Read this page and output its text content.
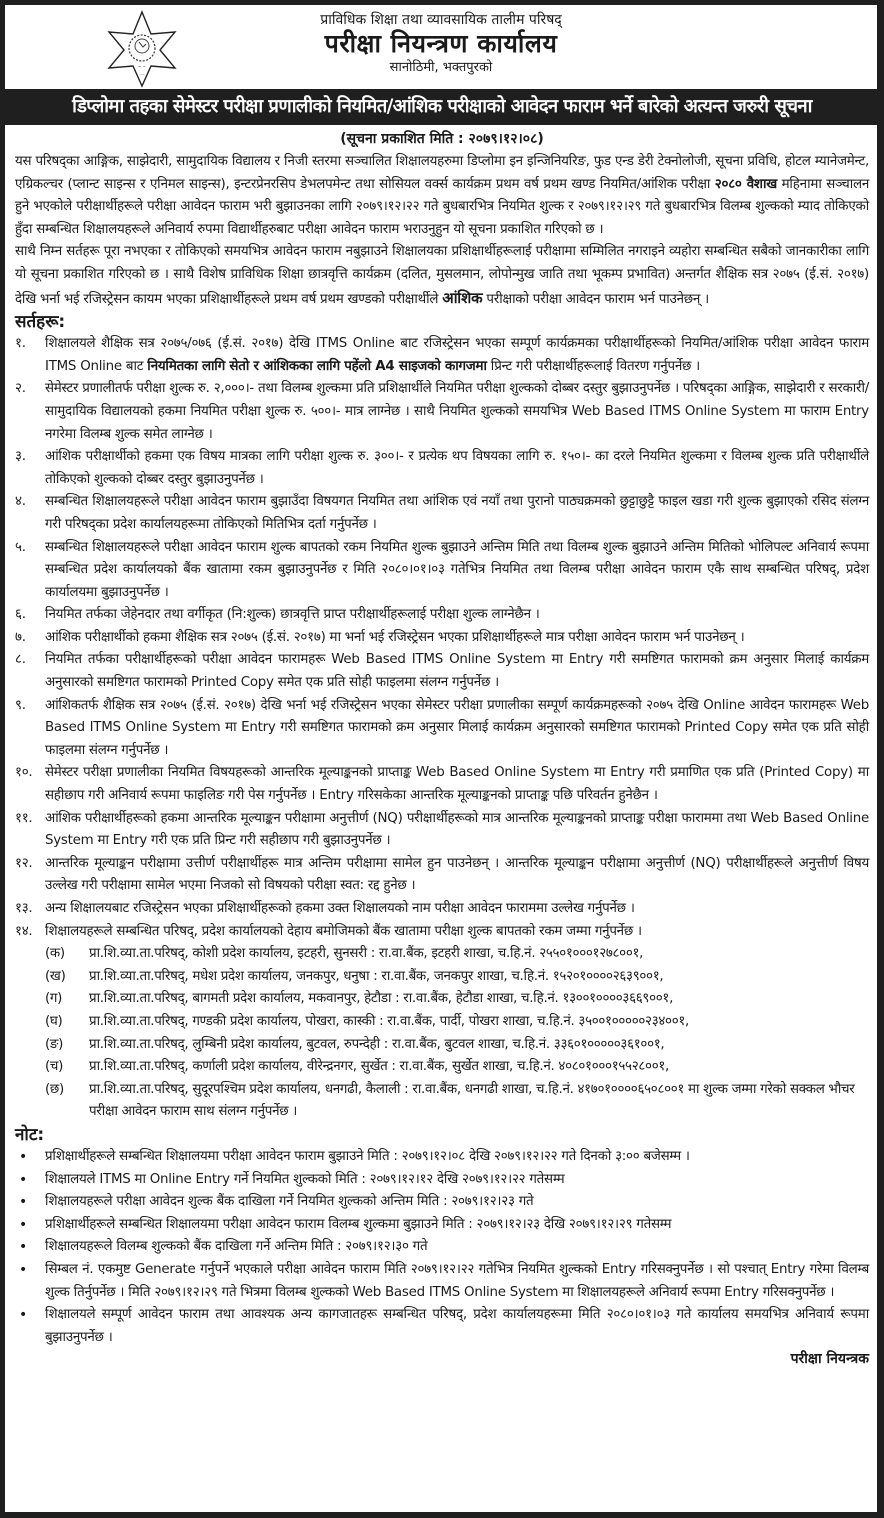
~ ~
~~
प्राविधिक शिक्षा तथा व्यावसायिक तालीम परिषद्
परीक्षा नियन्त्रण कार्यालय
सानोठिमी, भक्तपुरको
डिप्लोमा तहका सेमेस्टर परीक्षा प्रणालीको नियमित/आंशिक परीक्षाको आवेदन फाराम भर्ने बारेको अत्यन्त जरुरी सूचना
(सूचना प्रकाशित मिति : २०७९।१२।०८)

यस परिषद्का आङ्गिक, साझेदारी, सामुदायिक विद्यालय र निजी स्तरमा सञ्चालित शिक्षालयहरुमा डिप्लोमा इन इन्जिनियरिङ, फुड एन्ड डेरी टेक्नोलोजी, सूचना प्रविधि, होटल म्यानेजमेन्ट, एग्रिकल्चर (प्लान्ट साइन्स र एनिमल साइन्स), इन्टरप्रेनरसिप डेभलपमेन्ट तथा सोसियल वर्क्स कार्यक्रम प्रथम वर्ष प्रथम खण्ड नियमित/आंशिक परीक्षा २०८० वैशाख महिनामा सञ्चालन हुने भएकोले परीक्षार्थीहरूले परीक्षा आवेदन फाराम भरी बुझाउनका लागि २०७९।१२।२२ गते बुधबारभित्र नियमित शुल्क र २०७९।१२।२९ गते बुधबारभित्र विलम्ब शुल्कको म्याद तोकिएको हुँदा सम्बन्धित शिक्षालयहरूले अनिवार्य रुपमा विद्यार्थीहरुबाट परीक्षा आवेदन फाराम भराउनुहुन यो सूचना प्रकाशित गरिएको छ ।

साथै निम्न सर्तहरू पूरा नभएका र तोकिएको समयभित्र आवेदन फाराम नबुझाउने शिक्षालयका प्रशिक्षार्थीहरूलाई परीक्षामा सम्मिलित नगराइने व्यहोरा सम्बन्धित सबैको जानकारीका लागि यो सूचना प्रकाशित गरिएको छ । साथै विशेष प्राविधिक शिक्षा छात्रवृत्ति कार्यक्रम (दलित, मुसलमान, लोपोन्मुख जाति तथा भूकम्प प्रभावित) अन्तर्गत शैक्षिक सत्र २०७५ (ई.सं. २०१७) देखि भर्ना भई रजिस्ट्रेसन कायम भएका प्रशिक्षार्थीहरूले प्रथम वर्ष प्रथम खण्डको परीक्षार्थीले आंशिक परीक्षाको परीक्षा आवेदन फाराम भर्न पाउनेछन् ।

सर्तहरू:
१. शिक्षालयले शैक्षिक सत्र २०७५/०७६ (ई.सं. २०१७) देखि ITMS Online बाट रजिस्ट्रेसन भएका सम्पूर्ण कार्यक्रमका परीक्षार्थीहरूको नियमित/आंशिक परीक्षा आवेदन फाराम ITMS Online बाट नियमितका लागि सेतो र आंशिकका लागि पहेंलो A4 साइजको कागजमा प्रिन्ट गरी परीक्षार्थीहरूलाई वितरण गर्नुपर्नेछ ।
२. सेमेस्टर प्रणालीतर्फ परीक्षा शुल्क रु. २,०००।- तथा विलम्ब शुल्कमा प्रति प्रशिक्षार्थीले नियमित परीक्षा शुल्कको दोब्बर दस्तुर बुझाउनुपर्नेछ । परिषद्का आङ्गिक, साझेदारी र सरकारी/सामुदायिक विद्यालयको हकमा नियमित परीक्षा शुल्क रु. ५००।- मात्र लाग्नेछ । साथै नियमित शुल्कको समयभित्र Web Based ITMS Online System मा फाराम Entry नगरेमा विलम्ब शुल्क समेत लाग्नेछ ।
३. आंशिक परीक्षार्थीको हकमा एक विषय मात्रका लागि परीक्षा शुल्क रु. ३००।- र प्रत्येक थप विषयका लागि रु. १५०।- का दरले नियमित शुल्कमा र विलम्ब शुल्क प्रति परीक्षार्थीले तोकिएको शुल्कको दोब्बर दस्तुर बुझाउनुपर्नेछ ।
४. सम्बन्धित शिक्षालयहरूले परीक्षा आवेदन फाराम बुझाउँदा विषयगत नियमित तथा आंशिक एवं नयाँ तथा पुरानो पाठ्यक्रमको छुट्टाछुट्टै फाइल खडा गरी शुल्क बुझाएको रसिद संलग्न गरी परिषद्का प्रदेश कार्यालयहरूमा तोकिएको मितिभित्र दर्ता गर्नुपर्नेछ ।
५. सम्बन्धित शिक्षालयहरूले परीक्षा आवेदन फाराम शुल्क बापतको रकम नियमित शुल्क बुझाउने अन्तिम मिति तथा विलम्ब शुल्क बुझाउने अन्तिम मितिको भोलिपल्ट अनिवार्य रूपमा सम्बन्धित प्रदेश कार्यालयको बैंक खातामा रकम बुझाउनुपर्नेछ र मिति २०८०।०१।०३ गतेभित्र नियमित तथा विलम्ब परीक्षा आवेदन फाराम एकै साथ सम्बन्धित परिषद्, प्रदेश कार्यालयमा बुझाउनुपर्नेछ ।
६. नियमित तर्फका जेहेनदार तथा वर्गीकृत (नि:शुल्क) छात्रवृत्ति प्राप्त परीक्षार्थीहरूलाई परीक्षा शुल्क लाग्नेछैन ।
७. आंशिक परीक्षार्थीको हकमा शैक्षिक सत्र २०७५ (ई.सं. २०१७) मा भर्ना भई रजिस्ट्रेसन भएका प्रशिक्षार्थीहरूले मात्र परीक्षा आवेदन फाराम भर्न पाउनेछन् ।
८. नियमित तर्फका परीक्षार्थीहरूको परीक्षा आवेदन फारामहरू Web Based ITMS Online System मा Entry गरी समष्टिगत फारामको क्रम अनुसार मिलाई कार्यक्रम अनुसारको समष्टिगत फारामको Printed Copy समेत एक प्रति सोही फाइलमा संलग्न गर्नुपर्नेछ ।
९. आंशिकतर्फ शैक्षिक सत्र २०७५ (ई.सं. २०१७) देखि भर्ना भई रजिस्ट्रेसन भएका सेमेस्टर परीक्षा प्रणालीका सम्पूर्ण कार्यक्रमहरूको २०७५ देखि Online आवेदन फारामहरू Web Based ITMS Online System मा Entry गरी समष्टिगत फारामको क्रम अनुसार मिलाई कार्यक्रम अनुसारको समष्टिगत फारामको Printed Copy समेत एक प्रति सोही फाइलमा संलग्न गर्नुपर्नेछ ।
१०. सेमेस्टर परीक्षा प्रणालीका नियमित विषयहरूको आन्तरिक मूल्याङ्कनको प्राप्ताङ्क Web Based Online System मा Entry गरी प्रमाणित एक प्रति (Printed Copy) मा सहीछाप गरी अनिवार्य रूपमा फाइलिङ गरी पेस गर्नुपर्नेछ । Entry गरिसकेका आन्तरिक मूल्याङ्कनको प्राप्ताङ्क पछि परिवर्तन हुनेछैन ।
११. आंशिक परीक्षार्थीहरूको हकमा आन्तरिक मूल्याङ्कन परीक्षामा अनुत्तीर्ण (NQ) परीक्षार्थीहरूको मात्र आन्तरिक मूल्याङ्कनको प्राप्ताङ्क परीक्षा फाराममा तथा Web Based Online System मा Entry गरी एक प्रति प्रिन्ट गरी सहीछाप गरी बुझाउनुपर्नेछ ।
१२. आन्तरिक मूल्याङ्कन परीक्षामा उत्तीर्ण परीक्षार्थीहरू मात्र अन्तिम परीक्षामा सामेल हुन पाउनेछन् । आन्तरिक मूल्याङ्कन परीक्षामा अनुत्तीर्ण (NQ) परीक्षार्थीहरूले अनुत्तीर्ण विषय उल्लेख गरी परीक्षामा सामेल भएमा निजको सो विषयको परीक्षा स्वत: रद्द हुनेछ ।
१३. अन्य शिक्षालयबाट रजिस्ट्रेसन भएका प्रशिक्षार्थीहरूको हकमा उक्त शिक्षालयको नाम परीक्षा आवेदन फाराममा उल्लेख गर्नुपर्नेछ ।
१४. शिक्षालयहरूले सम्बन्धित परिषद्, प्रदेश कार्यालयको देहाय बमोजिमको बैंक खातामा परीक्षा शुल्क बापतको रकम जम्मा गर्नुपर्नेछ ।
(क) प्रा.शि.व्या.ता.परिषद्, कोशी प्रदेश कार्यालय, इटहरी, सुनसरी : रा.वा.बैंक, इटहरी शाखा, च.हि.नं. २५५०१०००१२७८००१,
(ख) प्रा.शि.व्या.ता.परिषद्, मधेश प्रदेश कार्यालय, जनकपुर, धनुषा : रा.वा.बैंक, जनकपुर शाखा, च.हि.नं. १५२०१००००२६३९००१,
(ग) प्रा.शि.व्या.ता.परिषद्, बागमती प्रदेश कार्यालय, मकवानपुर, हेटौडा : रा.वा.बैंक, हेटौडा शाखा, च.हि.नं. १३००१००००३६६९००१,
(घ) प्रा.शि.व्या.ता.परिषद्, गण्डकी प्रदेश कार्यालय, पोखरा, कास्की : रा.वा.बैंक, पार्दी, पोखरा शाखा, च.हि.नं. ३५००१०००००२३४००१,
(ङ) प्रा.शि.व्या.ता.परिषद्, लुम्बिनी प्रदेश कार्यालय, बुटवल, रुपन्देही : रा.वा.बैंक, बुटवल शाखा, च.हि.नं. ३३६०१०००००३६१००१,
(च) प्रा.शि.व्या.ता.परिषद्, कर्णाली प्रदेश कार्यालय, वीरेन्द्रनगर, सुर्खेत : रा.वा.बैंक, सुर्खेत शाखा, च.हि.नं. ४०८०१०००१५५२८००१,
(छ) प्रा.शि.व्या.ता.परिषद्, सुदूरपश्चिम प्रदेश कार्यालय, धनगढी, कैलाली : रा.वा.बैंक, धनगढी शाखा, च.हि.नं. ४१७०१००००६५०८००१ मा शुल्क जम्मा गरेको सक्कल भौचर परीक्षा आवेदन फाराम साथ संलग्न गर्नुपर्नेछ ।
नोट:
• प्रशिक्षार्थीहरूले सम्बन्धित शिक्षालयमा परीक्षा आवेदन फाराम बुझाउने मिति : २०७९।१२।०८ देखि २०७९।१२।२२ गते दिनको ३:०० बजेसम्म ।
• शिक्षालयले ITMS मा Online Entry गर्ने नियमित शुल्कको मिति : २०७९।१२।१२ देखि २०७९।१२।२२ गतेसम्म
• शिक्षालयहरूले परीक्षा आवेदन शुल्क बैंक दाखिला गर्ने नियमित शुल्कको अन्तिम मिति : २०७९।१२।२३ गते
• प्रशिक्षार्थीहरूले सम्बन्धित शिक्षालयमा परीक्षा आवेदन फाराम विलम्ब शुल्कमा बुझाउने मिति : २०७९।१२।२३ देखि २०७९।१२।२९ गतेसम्म
• शिक्षालयहरूले विलम्ब शुल्कको बैंक दाखिला गर्ने अन्तिम मिति : २०७९।१२।३० गते
• सिम्बल नं. एकमुष्ट Generate गर्नुपर्ने भएकाले परीक्षा आवेदन फाराम मिति २०७९।१२।२२ गतेभित्र नियमित शुल्कको Entry गरिसक्नुपर्नेछ । सो पश्चात् Entry गरेमा विलम्ब शुल्क तिर्नुपर्नेछ । मिति २०७९।१२।२९ गते भित्रमा विलम्ब शुल्कको Web Based ITMS Online System मा शिक्षालयहरूले अनिवार्य रूपमा Entry गरिसक्नुपर्नेछ ।
• शिक्षालयले सम्पूर्ण आवेदन फाराम तथा आवश्यक अन्य कागजातहरू सम्बन्धित परिषद्, प्रदेश कार्यालयहरूमा मिति २०८०।०१।०३ गते कार्यालय समयभित्र अनिवार्य रूपमा बुझाउनुपर्नेछ ।
परीक्षा नियन्त्रक
